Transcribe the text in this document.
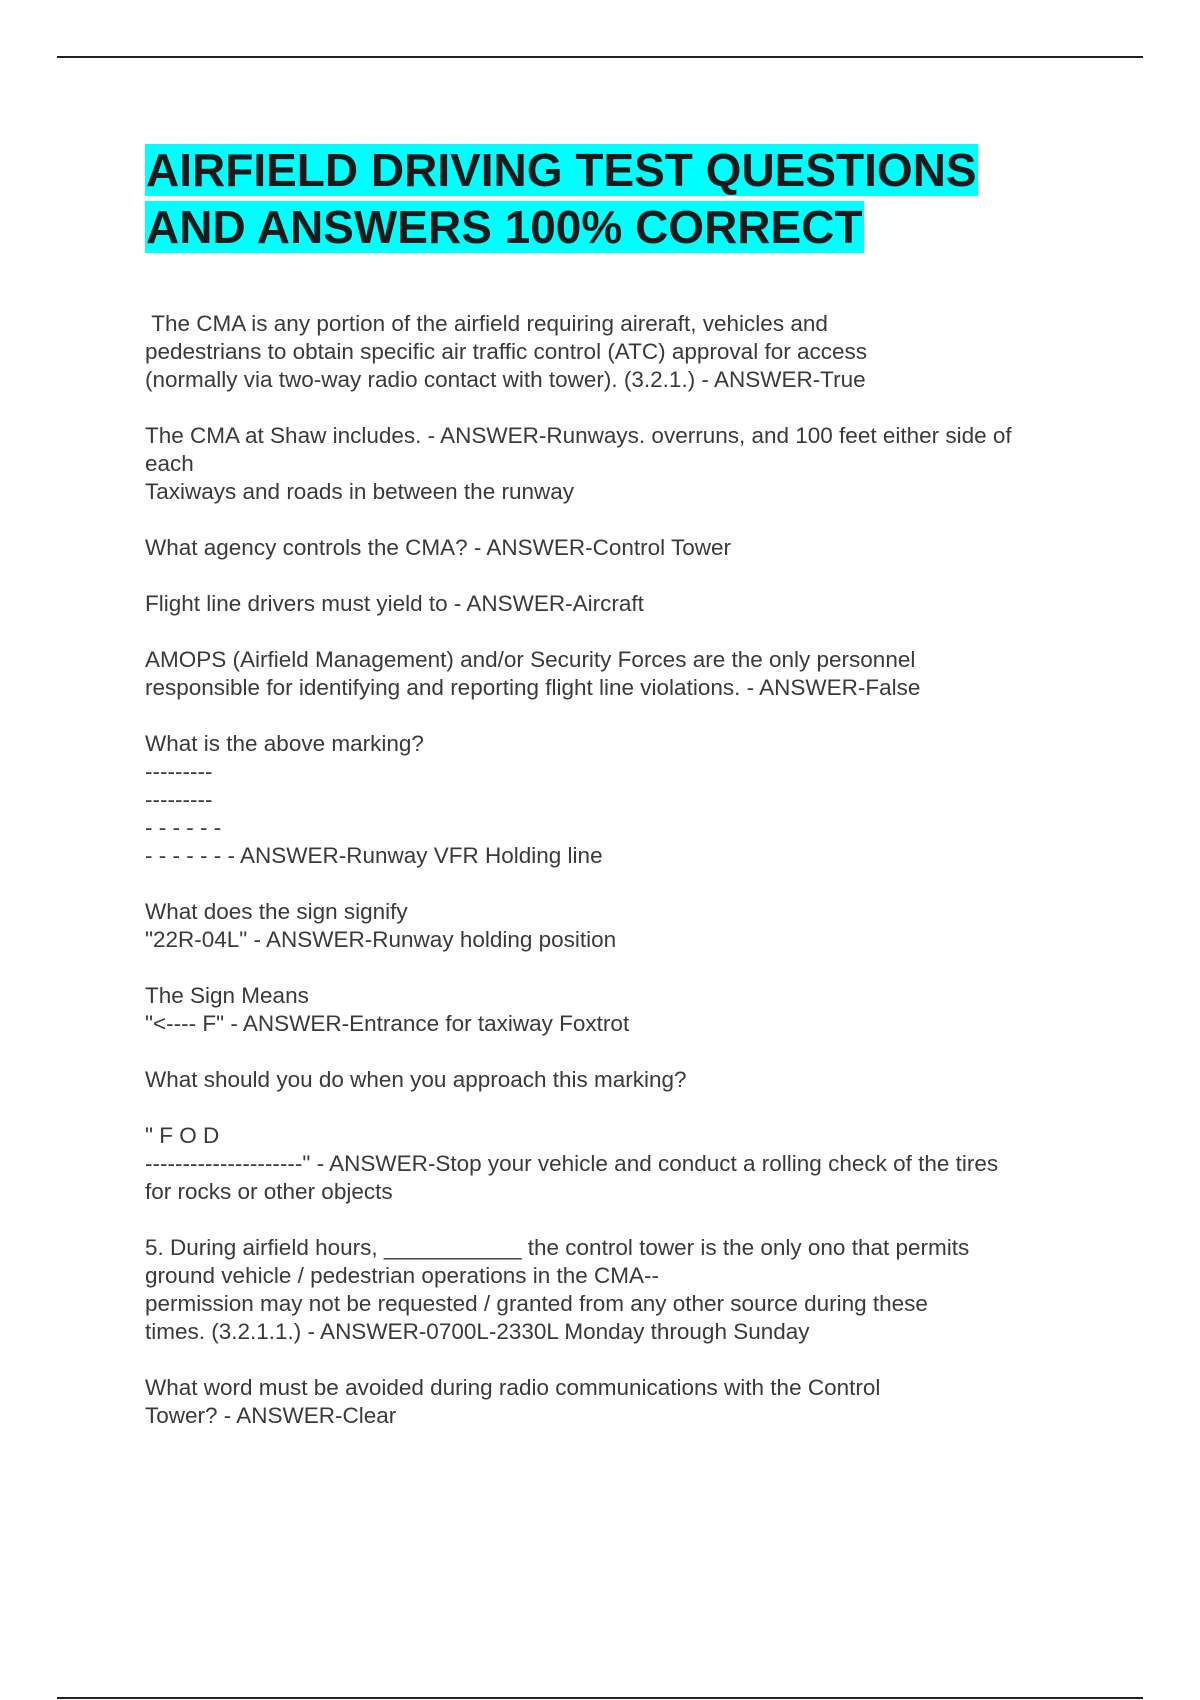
AIRFIELD DRIVING TEST QUESTIONS
AND ANSWERS 100% CORRECT
The CMA is any portion of the airfield requiring aireraft, vehicles and
pedestrians to obtain specific air traffic control (ATC) approval for access
(normally via two-way radio contact with tower). (3.2.1.) - ANSWER-True
The CMA at Shaw includes. - ANSWER-Runways. overruns, and 100 feet either side of
each
Taxiways and roads in between the runway
What agency controls the CMA? - ANSWER-Control Tower
Flight line drivers must yield to - ANSWER-Aircraft
AMOPS (Airfield Management) and/or Security Forces are the only personnel
responsible for identifying and reporting flight line violations. - ANSWER-False
What is the above marking?
---------
---------
- - - - - -
- - - - - - - ANSWER-Runway VFR Holding line
What does the sign signify
"22R-04L" - ANSWER-Runway holding position
The Sign Means
"<---- F" - ANSWER-Entrance for taxiway Foxtrot
What should you do when you approach this marking?
" F O D
---------------------" - ANSWER-Stop your vehicle and conduct a rolling check of the tires
for rocks or other objects
5. During airfield hours, ___________ the control tower is the only ono that permits
ground vehicle / pedestrian operations in the CMA--
permission may not be requested / granted from any other source during these
times. (3.2.1.1.) - ANSWER-0700L-2330L Monday through Sunday
What word must be avoided during radio communications with the Control
Tower? - ANSWER-Clear
